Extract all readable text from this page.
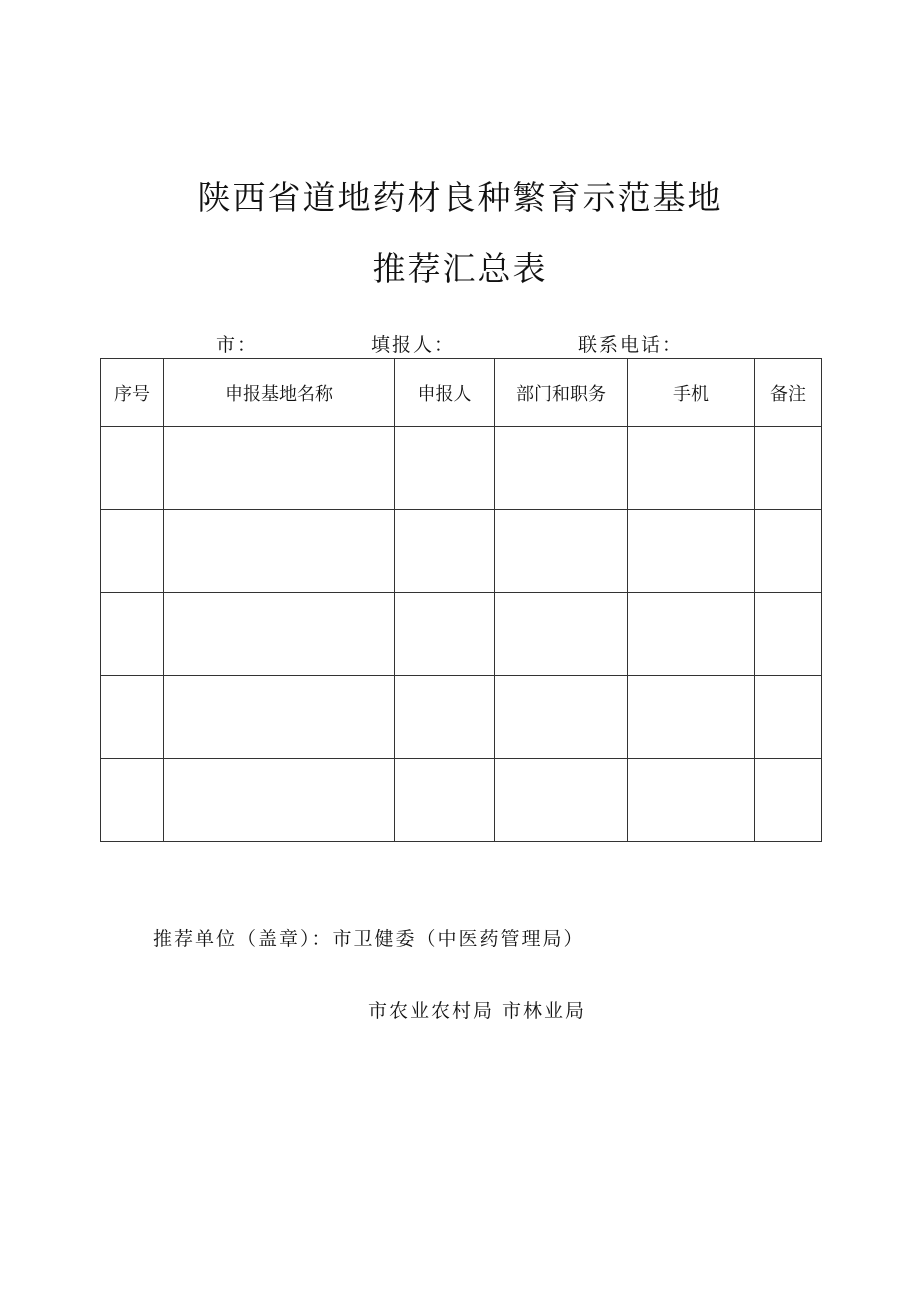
陕西省道地药材良种繁育示范基地
推荐汇总表
市：	填报人：	联系电话：
序号	申报基地名称	申报人	部门和职务	手机	备注

推荐单位（盖章）：市卫健委（中医药管理局）
市农业农村局 市林业局
